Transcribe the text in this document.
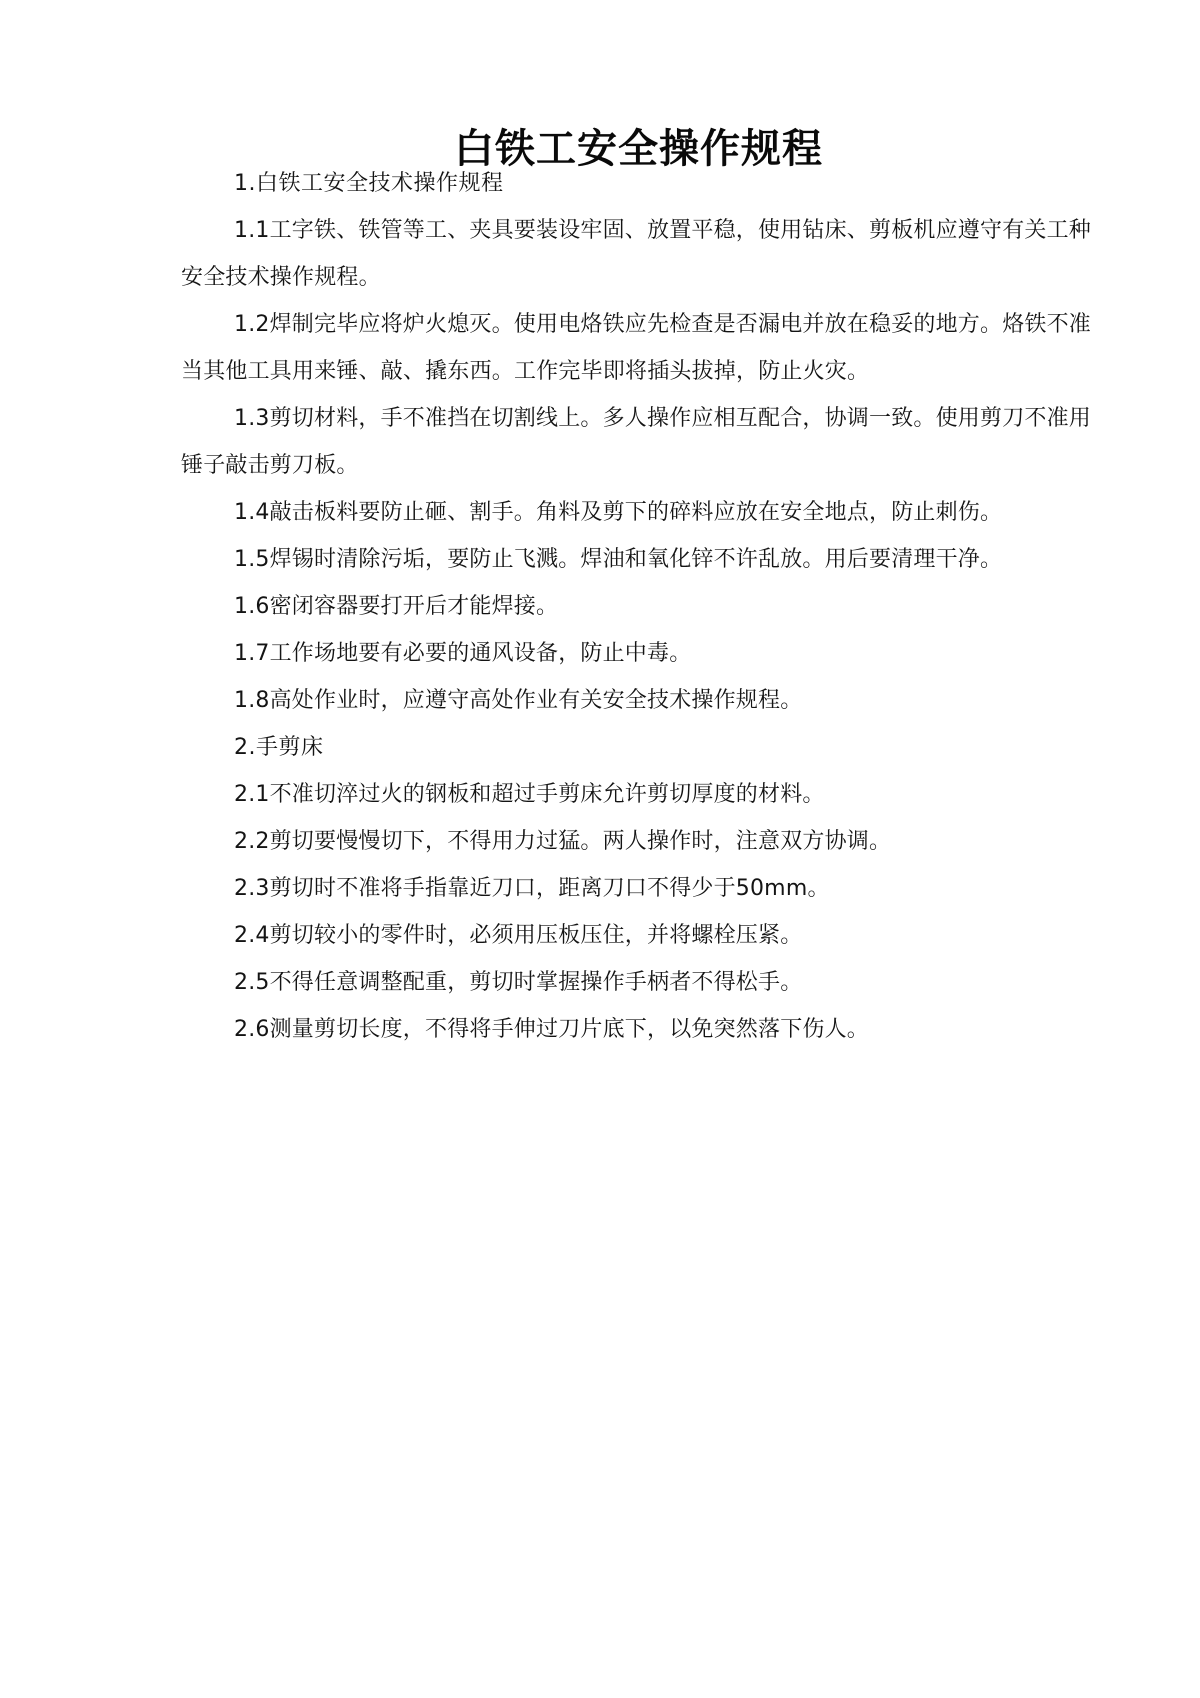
白铁工安全操作规程

1.白铁工安全技术操作规程

1.1工字铁、铁管等工、夹具要装设牢固、放置平稳，使用钻床、剪板机应遵守有关工种安全技术操作规程。

1.2焊制完毕应将炉火熄灭。使用电烙铁应先检查是否漏电并放在稳妥的地方。烙铁不准当其他工具用来锤、敲、撬东西。工作完毕即将插头拔掉，防止火灾。

1.3剪切材料，手不准挡在切割线上。多人操作应相互配合，协调一致。使用剪刀不准用锤子敲击剪刀板。

1.4敲击板料要防止砸、割手。角料及剪下的碎料应放在安全地点，防止刺伤。

1.5焊锡时清除污垢，要防止飞溅。焊油和氧化锌不许乱放。用后要清理干净。

1.6密闭容器要打开后才能焊接。

1.7工作场地要有必要的通风设备，防止中毒。

1.8高处作业时，应遵守高处作业有关安全技术操作规程。

2.手剪床

2.1不准切淬过火的钢板和超过手剪床允许剪切厚度的材料。

2.2剪切要慢慢切下，不得用力过猛。两人操作时，注意双方协调。

2.3剪切时不准将手指靠近刀口，距离刀口不得少于50mm。

2.4剪切较小的零件时，必须用压板压住，并将螺栓压紧。

2.5不得任意调整配重，剪切时掌握操作手柄者不得松手。

2.6测量剪切长度，不得将手伸过刀片底下，以免突然落下伤人。
